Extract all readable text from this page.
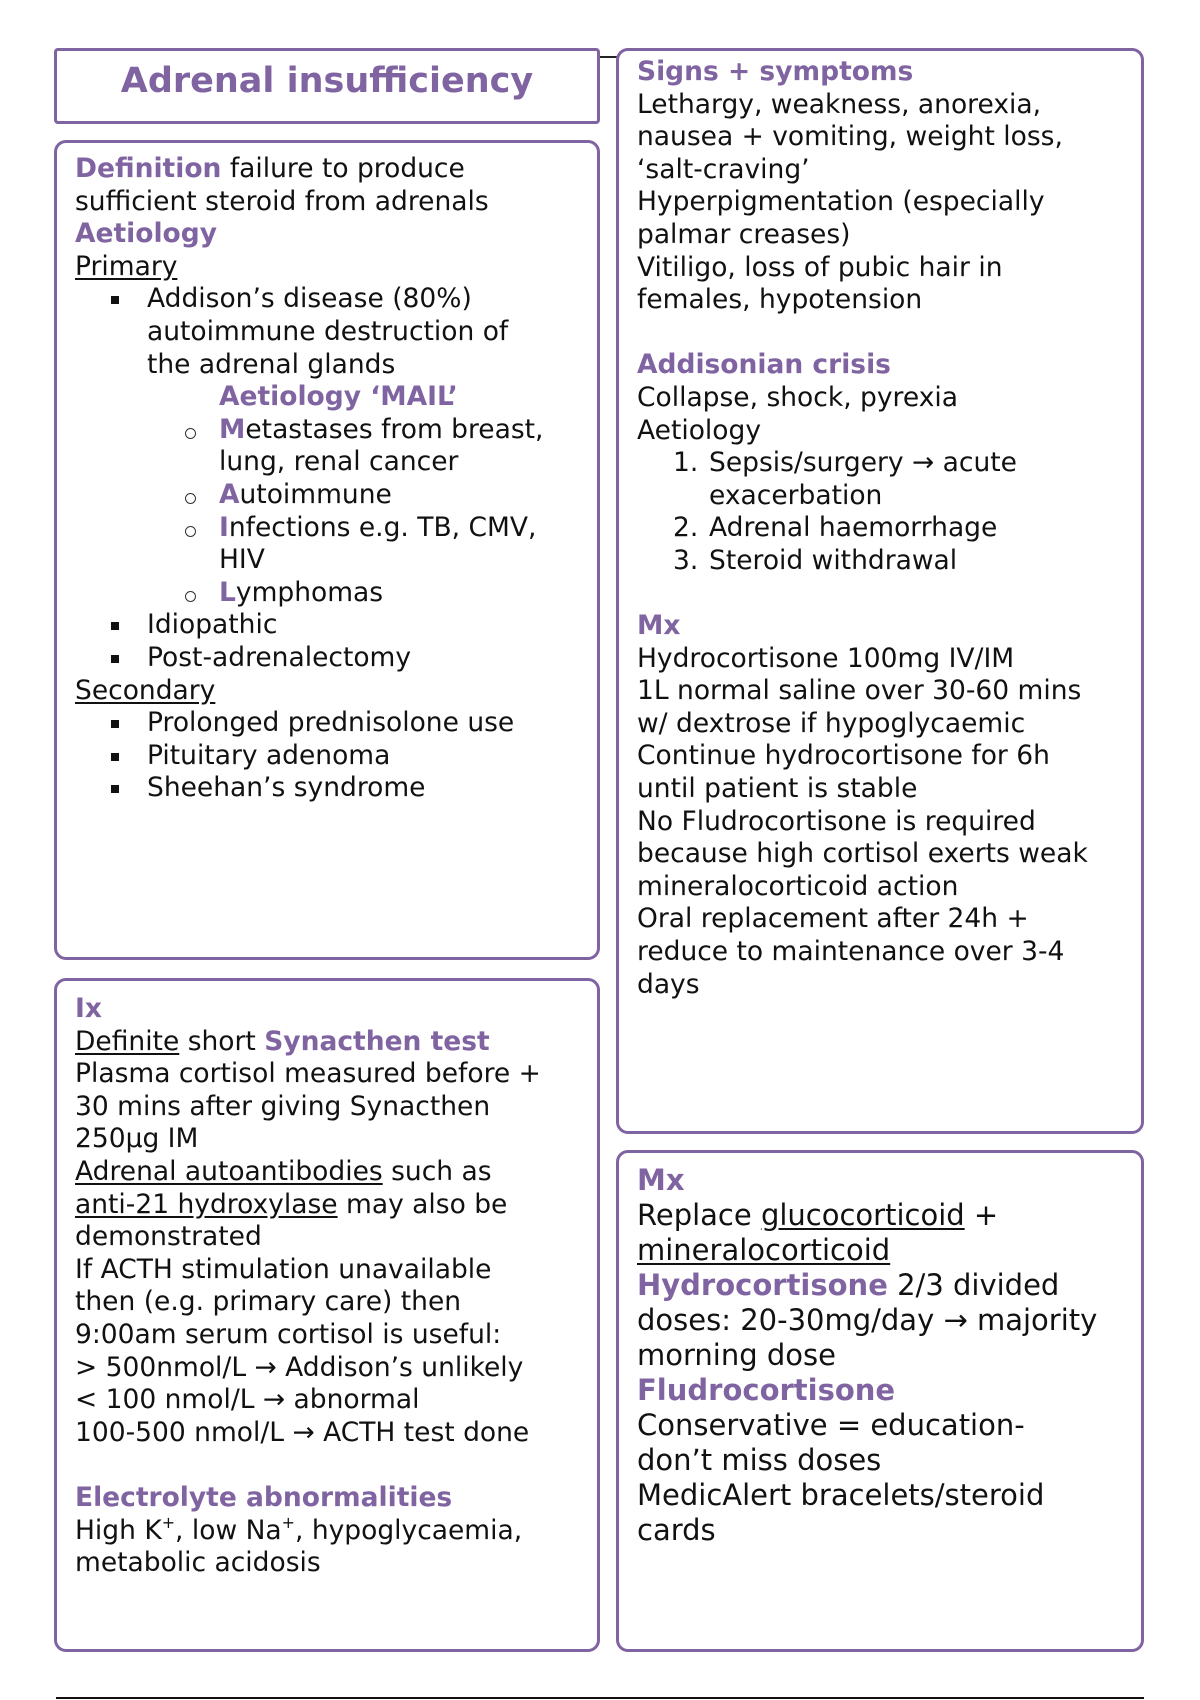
Adrenal insufficiency
Definition failure to produce
sufficient steroid from adrenals
Aetiology
Primary
Addison’s disease (80%)
autoimmune destruction of
the adrenal glands
Aetiology ‘MAIL’
Metastases from breast,
lung, renal cancer
Autoimmune
Infections e.g. TB, CMV,
HIV
Lymphomas
Idiopathic
Post-adrenalectomy
Secondary
Prolonged prednisolone use
Pituitary adenoma
Sheehan’s syndrome
Ix
Definite short Synacthen test
Plasma cortisol measured before +
30 mins after giving Synacthen
250µg IM
Adrenal autoantibodies such as
anti-21 hydroxylase may also be
demonstrated
If ACTH stimulation unavailable
then (e.g. primary care) then
9:00am serum cortisol is useful:
> 500nmol/L → Addison’s unlikely
< 100 nmol/L → abnormal
100-500 nmol/L → ACTH test done
Electrolyte abnormalities
High K+, low Na+, hypoglycaemia,
metabolic acidosis
Signs + symptoms
Lethargy, weakness, anorexia,
nausea + vomiting, weight loss,
‘salt-craving’
Hyperpigmentation (especially
palmar creases)
Vitiligo, loss of pubic hair in
females, hypotension
Addisonian crisis
Collapse, shock, pyrexia
Aetiology
1. Sepsis/surgery → acute
exacerbation
2. Adrenal haemorrhage
3. Steroid withdrawal
Mx
Hydrocortisone 100mg IV/IM
1L normal saline over 30-60 mins
w/ dextrose if hypoglycaemic
Continue hydrocortisone for 6h
until patient is stable
No Fludrocortisone is required
because high cortisol exerts weak
mineralocorticoid action
Oral replacement after 24h +
reduce to maintenance over 3-4
days
Mx
Replace glucocorticoid +
mineralocorticoid
Hydrocortisone 2/3 divided
doses: 20-30mg/day → majority
morning dose
Fludrocortisone
Conservative = education-
don’t miss doses
MedicAlert bracelets/steroid
cards
